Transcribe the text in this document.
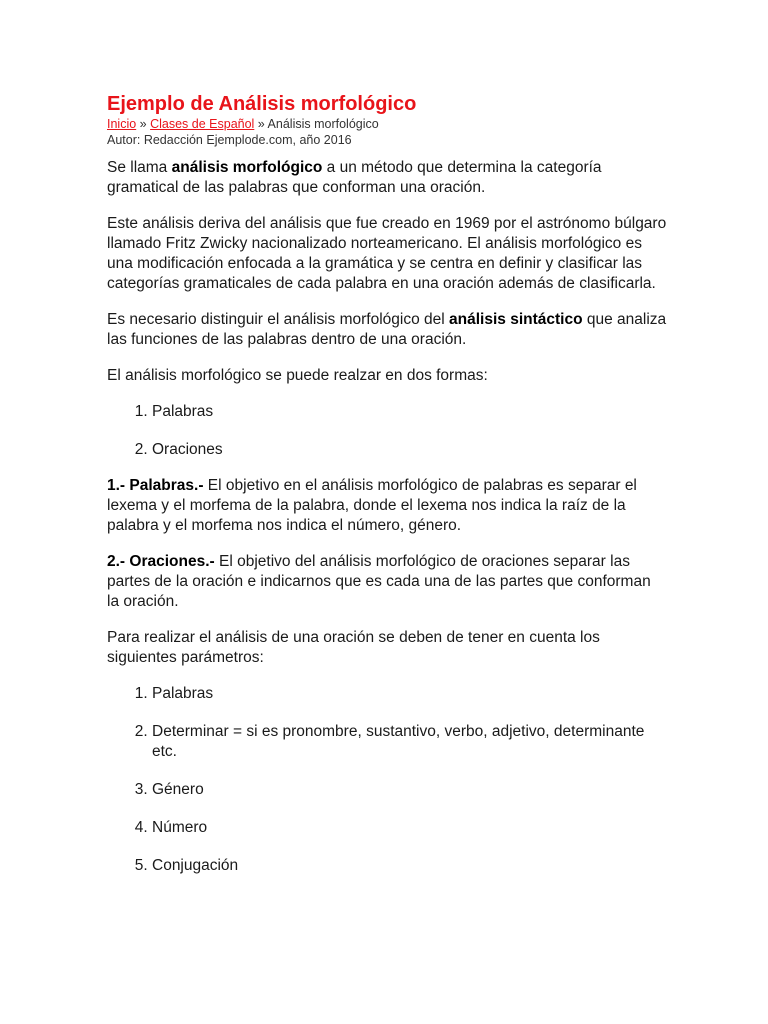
Ejemplo de Análisis morfológico
Inicio » Clases de Español » Análisis morfológico
Autor: Redacción Ejemplode.com, año 2016

Se llama análisis morfológico a un método que determina la categoría gramatical de las palabras que conforman una oración.

Este análisis deriva del análisis que fue creado en 1969 por el astrónomo búlgaro llamado Fritz Zwicky nacionalizado norteamericano. El análisis morfológico es una modificación enfocada a la gramática y se centra en definir y clasificar las categorías gramaticales de cada palabra en una oración además de clasificarla.

Es necesario distinguir el análisis morfológico del análisis sintáctico que analiza las funciones de las palabras dentro de una oración.

El análisis morfológico se puede realzar en dos formas:

1. Palabras
2. Oraciones

1.- Palabras.- El objetivo en el análisis morfológico de palabras es separar el lexema y el morfema de la palabra, donde el lexema nos indica la raíz de la palabra y el morfema nos indica el número, género.

2.- Oraciones.- El objetivo del análisis morfológico de oraciones separar las partes de la oración e indicarnos que es cada una de las partes que conforman la oración.

Para realizar el análisis de una oración se deben de tener en cuenta los siguientes parámetros:

1. Palabras
2. Determinar = si es pronombre, sustantivo, verbo, adjetivo, determinante etc.
3. Género
4. Número
5. Conjugación
